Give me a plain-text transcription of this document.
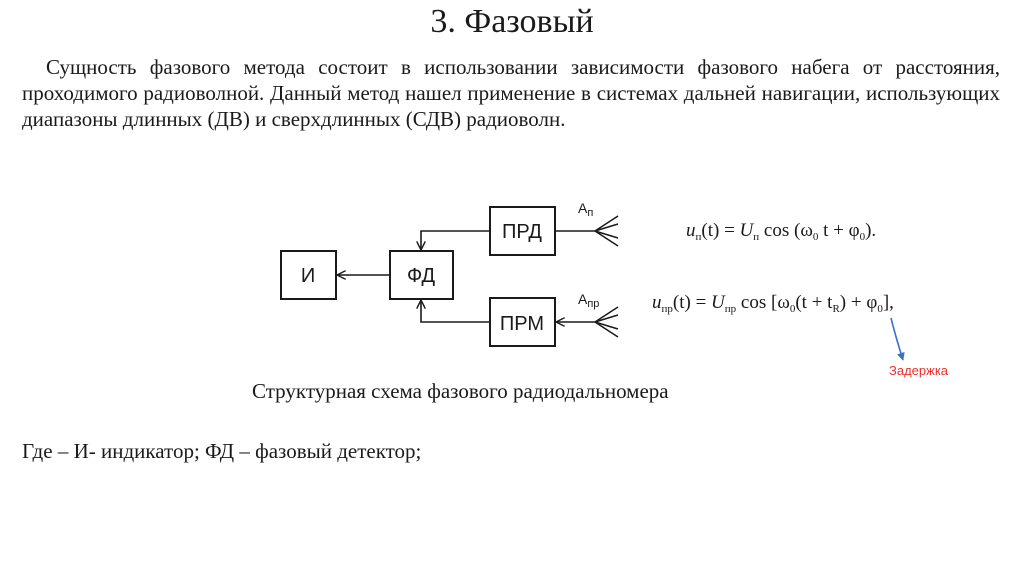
3. Фазовый
Сущность фазового метода состоит в использовании зависимости фазового набега от расстояния, проходимого радиоволной. Данный метод нашел применение в системах дальней навигации, использующих диапазоны длинных (ДВ) и сверхдлинных (СДВ) радиоволн.
И	ФД
ПРД
ПРМ
$А_п$
$А_{пр}$
$u_п(t) = U_п$ $\cos (\omega_0$ $t + \varphi_0$).
$u_{пр}(t) = U_{пр}$ $\cos [\omega_0(t + t_R) + \varphi_0]$,
Задержка
Структурная схема фазового радиодальномера
Где – И- индикатор; ФД – фазовый детектор;
